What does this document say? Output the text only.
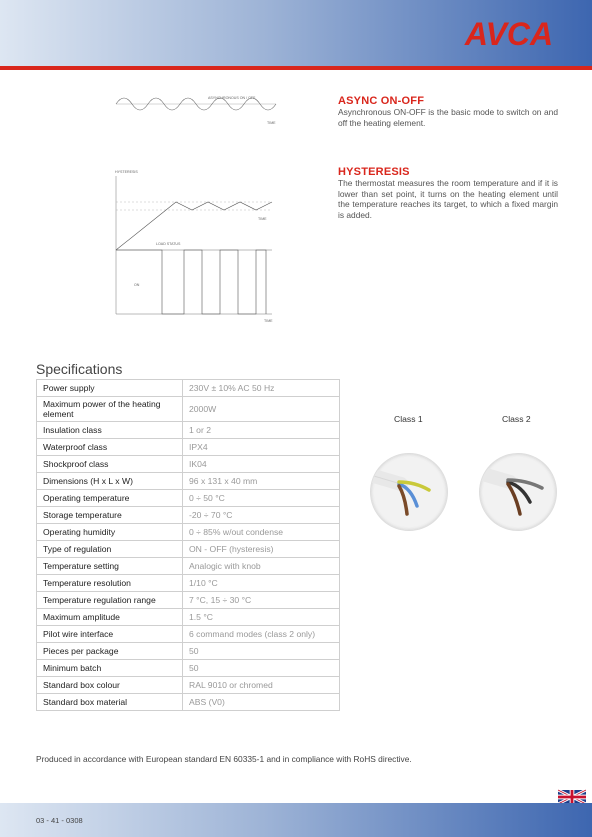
AVCA
ASYNCHRONOUS ON / OFF
TIME
ASYNC ON-OFF
Asynchronous ON-OFF is the basic mode to switch on and off the heating element.
HYSTERESIS
TIME
LOAD STATUS
ON
TIME
HYSTERESIS
The thermostat measures the room temperature and if it is lower than set point, it turns on the heating element until the temperature reaches its target, to which a fixed margin is added.
Specifications
Power supply	230V ± 10% AC 50 Hz
Maximum power of the heating element	2000W
Insulation class	1 or 2
Waterproof class	IPX4
Shockproof class	IK04
Dimensions (H x L x W)	96 x 131 x 40 mm
Operating temperature	0 ÷ 50 °C
Storage temperature	-20 ÷ 70 °C
Operating humidity	0 ÷ 85% w/out condense
Type of regulation	ON - OFF (hysteresis)
Temperature setting	Analogic with knob
Temperature resolution	1/10 °C
Temperature regulation range	7 °C, 15 ÷ 30 °C
Maximum amplitude	1.5 °C
Pilot wire interface	6 command modes (class 2 only)
Pieces per package	50
Minimum batch	50
Standard box colour	RAL 9010 or chromed
Standard box material	ABS (V0)
Class 1	Class 2
Produced in accordance with European standard EN 60335-1 and in compliance with RoHS directive.
03 - 41 - 0308
